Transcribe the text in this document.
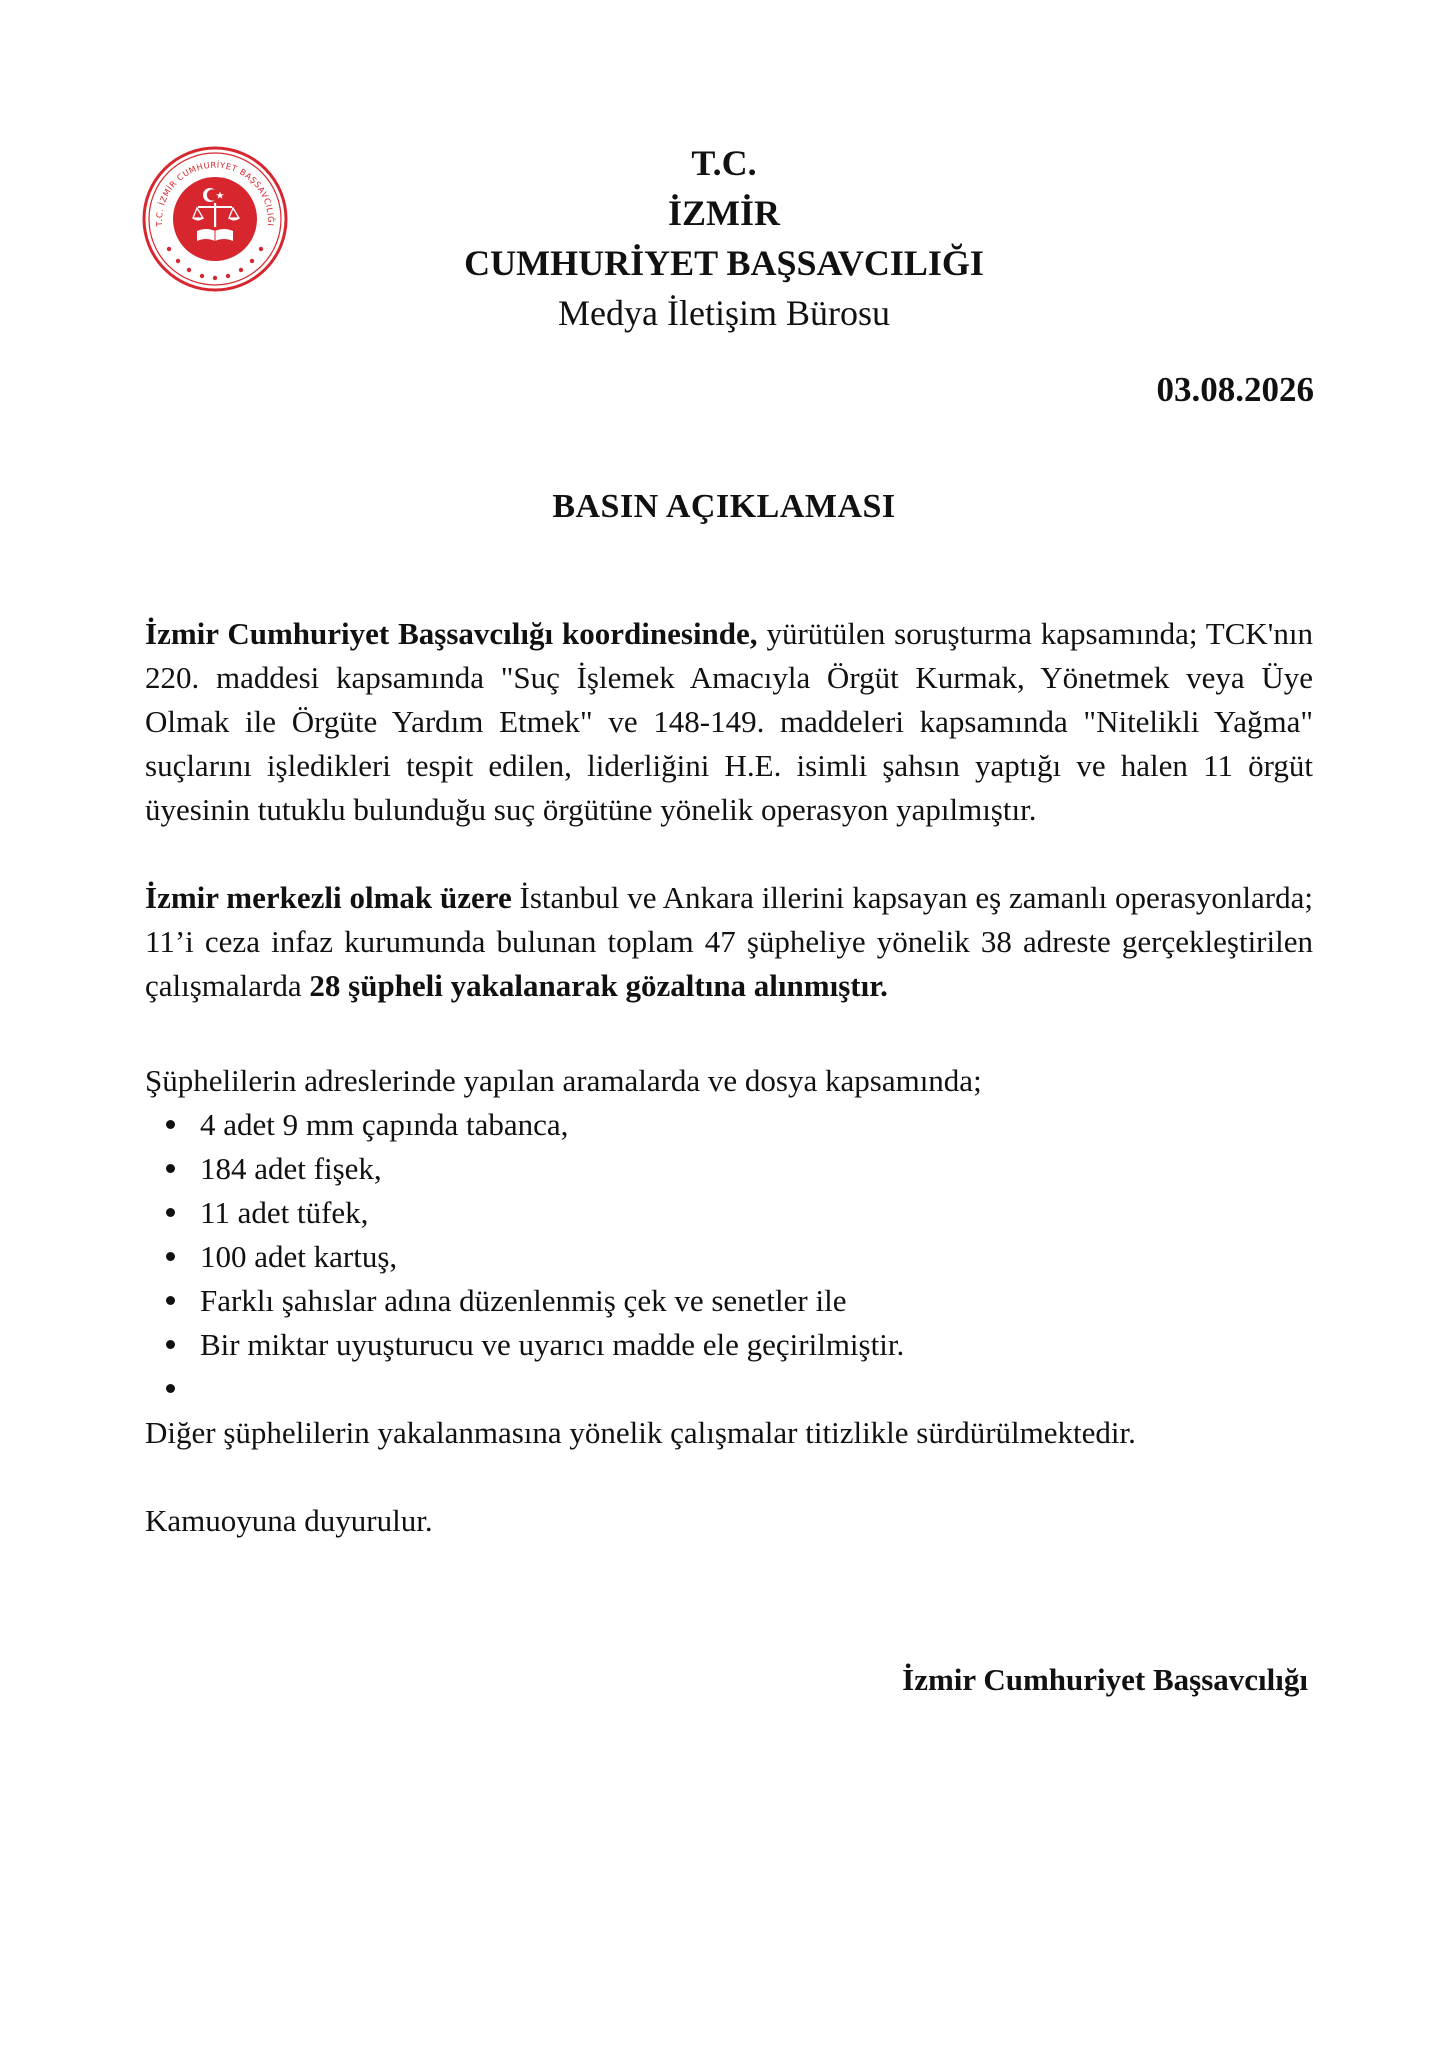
T.C. İZMİR CUMHURİYET BAŞSAVCILIĞI
T.C.
İZMİR
CUMHURİYET BAŞSAVCILIĞI
Medya İletişim Bürosu
03.08.2026
BASIN AÇIKLAMASI

İzmir Cumhuriyet Başsavcılığı koordinesinde, yürütülen soruşturma kapsamında; TCK'nın 220. maddesi kapsamında "Suç İşlemek Amacıyla Örgüt Kurmak, Yönetmek veya Üye Olmak ile Örgüte Yardım Etmek" ve 148-149. maddeleri kapsamında "Nitelikli Yağma" suçlarını işledikleri tespit edilen, liderliğini H.E. isimli şahsın yaptığı ve halen 11 örgüt üyesinin tutuklu bulunduğu suç örgütüne yönelik operasyon yapılmıştır.

İzmir merkezli olmak üzere İstanbul ve Ankara illerini kapsayan eş zamanlı operasyonlarda; 11’i ceza infaz kurumunda bulunan toplam 47 şüpheliye yönelik 38 adreste gerçekleştirilen çalışmalarda 28 şüpheli yakalanarak gözaltına alınmıştır.

Şüphelilerin adreslerinde yapılan aramalarda ve dosya kapsamında;
4 adet 9 mm çapında tabanca,
184 adet fişek,
11 adet tüfek,
100 adet kartuş,
Farklı şahıslar adına düzenlenmiş çek ve senetler ile
Bir miktar uyuşturucu ve uyarıcı madde ele geçirilmiştir.
Diğer şüphelilerin yakalanmasına yönelik çalışmalar titizlikle sürdürülmektedir.
Kamuoyuna duyurulur.
İzmir Cumhuriyet Başsavcılığı
